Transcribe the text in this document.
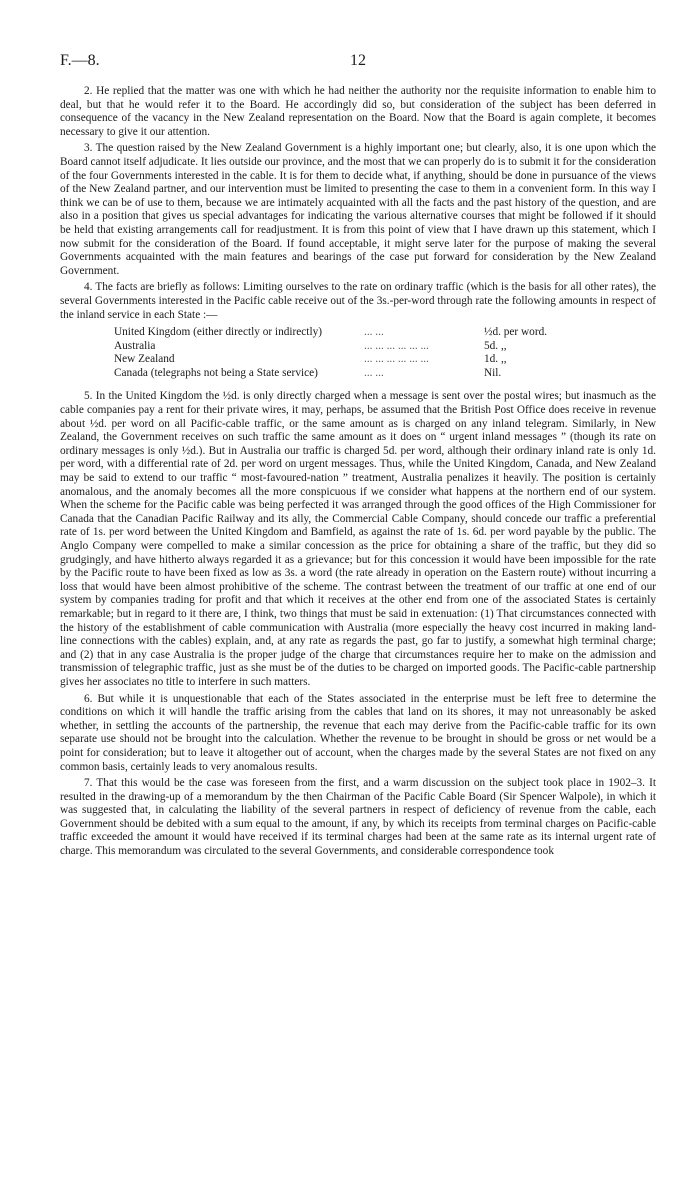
F.—8.	12

2. He replied that the matter was one with which he had neither the authority nor the requisite information to enable him to deal, but that he would refer it to the Board. He accordingly did so, but consideration of the subject has been deferred in consequence of the vacancy in the New Zealand representation on the Board. Now that the Board is again complete, it becomes necessary to give it our attention.

3. The question raised by the New Zealand Government is a highly important one; but clearly, also, it is one upon which the Board cannot itself adjudicate. It lies outside our province, and the most that we can properly do is to submit it for the consideration of the four Governments interested in the cable. It is for them to decide what, if anything, should be done in pursuance of the views of the New Zealand partner, and our intervention must be limited to presenting the case to them in a convenient form. In this way I think we can be of use to them, because we are intimately acquainted with all the facts and the past history of the question, and are also in a position that gives us special advantages for indicating the various alternative courses that might be followed if it should be held that existing arrangements call for readjustment. It is from this point of view that I have drawn up this statement, which I now submit for the consideration of the Board. If found acceptable, it might serve later for the purpose of making the several Governments acquainted with the main features and bearings of the case put forward for consideration by the New Zealand Government.

4. The facts are briefly as follows: Limiting ourselves to the rate on ordinary traffic (which is the basis for all other rates), the several Governments interested in the Pacific cable receive out of the 3s.-per-word through rate the following amounts in respect of the inland service in each State :—

United Kingdom (either directly or indirectly)	... ...	½d. per word.
Australia	... ... ... ... ... ...	5d. ,,
New Zealand	... ... ... ... ... ...	1d. ,,
Canada (telegraphs not being a State service)	... ...	Nil.

5. In the United Kingdom the ½d. is only directly charged when a message is sent over the postal wires; but inasmuch as the cable companies pay a rent for their private wires, it may, perhaps, be assumed that the British Post Office does receive in revenue about ½d. per word on all Pacific-cable traffic, or the same amount as is charged on any inland telegram. Similarly, in New Zealand, the Government receives on such traffic the same amount as it does on “ urgent inland messages ” (though its rate on ordinary messages is only ½d.). But in Australia our traffic is charged 5d. per word, although their ordinary inland rate is only 1d. per word, with a differential rate of 2d. per word on urgent messages. Thus, while the United Kingdom, Canada, and New Zealand may be said to extend to our traffic “ most-favoured-nation ” treatment, Australia penalizes it heavily. The position is certainly anomalous, and the anomaly becomes all the more conspicuous if we consider what happens at the northern end of our system. When the scheme for the Pacific cable was being perfected it was arranged through the good offices of the High Commissioner for Canada that the Canadian Pacific Railway and its ally, the Commercial Cable Company, should concede our traffic a preferential rate of 1s. per word between the United Kingdom and Bamfield, as against the rate of 1s. 6d. per word payable by the public. The Anglo Company were compelled to make a similar concession as the price for obtaining a share of the traffic, but they did so grudgingly, and have hitherto always regarded it as a grievance; but for this concession it would have been impossible for the rate by the Pacific route to have been fixed as low as 3s. a word (the rate already in operation on the Eastern route) without incurring a loss that would have been almost prohibitive of the scheme. The contrast between the treatment of our traffic at one end of our system by companies trading for profit and that which it receives at the other end from one of the associated States is certainly remarkable; but in regard to it there are, I think, two things that must be said in extenuation: (1) That circumstances connected with the history of the establishment of cable communication with Australia (more especially the heavy cost incurred in making land-line connections with the cables) explain, and, at any rate as regards the past, go far to justify, a somewhat high terminal charge; and (2) that in any case Australia is the proper judge of the charge that circumstances require her to make on the admission and transmission of telegraphic traffic, just as she must be of the duties to be charged on imported goods. The Pacific-cable partnership gives her associates no title to interfere in such matters.

6. But while it is unquestionable that each of the States associated in the enterprise must be left free to determine the conditions on which it will handle the traffic arising from the cables that land on its shores, it may not unreasonably be asked whether, in settling the accounts of the partnership, the revenue that each may derive from the Pacific-cable traffic for its own separate use should not be brought into the calculation. Whether the revenue to be brought in should be gross or net would be a point for consideration; but to leave it altogether out of account, when the charges made by the several States are not fixed on any common basis, certainly leads to very anomalous results.

7. That this would be the case was foreseen from the first, and a warm discussion on the subject took place in 1902–3. It resulted in the drawing-up of a memorandum by the then Chairman of the Pacific Cable Board (Sir Spencer Walpole), in which it was suggested that, in calculating the liability of the several partners in respect of deficiency of revenue from the cable, each Government should be debited with a sum equal to the amount, if any, by which its receipts from terminal charges on Pacific-cable traffic exceeded the amount it would have received if its terminal charges had been at the same rate as its internal urgent rate of charge. This memorandum was circulated to the several Governments, and considerable correspondence took
